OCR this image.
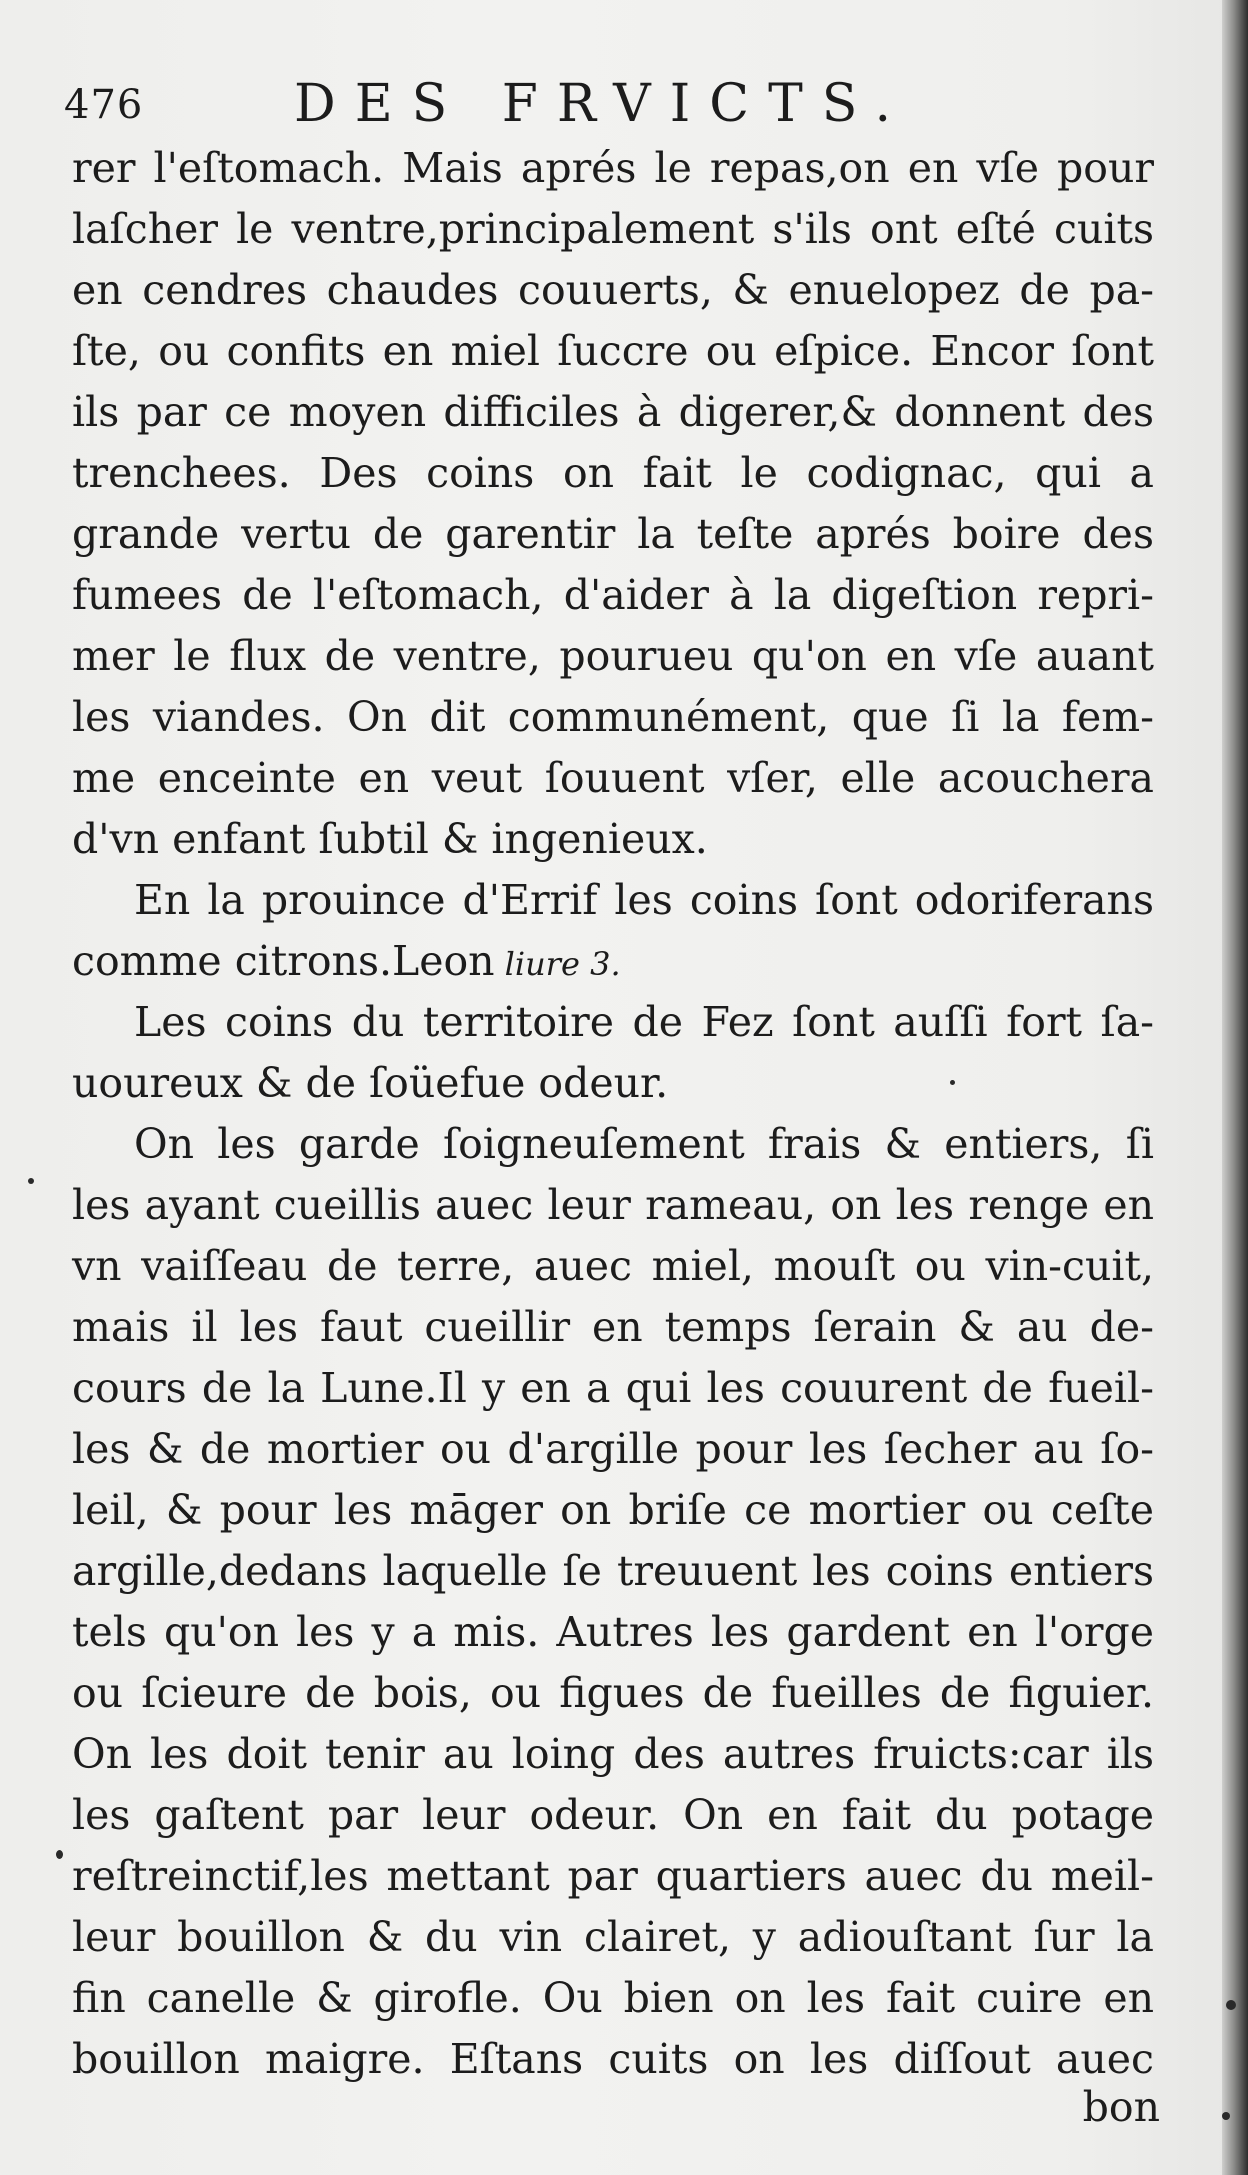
476	DES FRVICTS.
rer l'eſtomach. Mais aprés le repas,on en vſe pour
laſcher le ventre,principalement s'ils ont eſté cuits
en cendres chaudes couuerts, & enuelopez de pa-
ſte, ou confits en miel ſuccre ou eſpice. Encor ſont
ils par ce moyen difficiles à digerer,& donnent des
trenchees. Des coins on fait le codignac, qui a
grande vertu de garentir la teſte aprés boire des
fumees de l'eſtomach, d'aider à la digeſtion repri-
mer le flux de ventre, pourueu qu'on en vſe auant
les viandes. On dit communément, que ſi la fem-
me enceinte en veut ſouuent vſer, elle acouchera
d'vn enfant ſubtil & ingenieux.
En la prouince d'Errif les coins ſont odoriferans
comme citrons.Leon liure 3.
Les coins du territoire de Fez ſont auſſi fort ſa-
uoureux & de ſoüefue odeur.
On les garde ſoigneuſement frais & entiers, ſi
les ayant cueillis auec leur rameau, on les renge en
vn vaiſſeau de terre, auec miel, mouſt ou vin-cuit,
mais il les faut cueillir en temps ſerain & au de-
cours de la Lune.Il y en a qui les couurent de fueil-
les & de mortier ou d'argille pour les ſecher au ſo-
leil, & pour les māger on briſe ce mortier ou ceſte
argille,dedans laquelle ſe treuuent les coins entiers
tels qu'on les y a mis. Autres les gardent en l'orge
ou ſcieure de bois, ou figues de fueilles de figuier.
On les doit tenir au loing des autres fruicts:car ils
les gaſtent par leur odeur. On en fait du potage
reſtreinctif,les mettant par quartiers auec du meil-
leur bouillon & du vin clairet, y adiouſtant ſur la
fin canelle & girofle. Ou bien on les fait cuire en
bouillon maigre. Eſtans cuits on les diſſout auec
bon
